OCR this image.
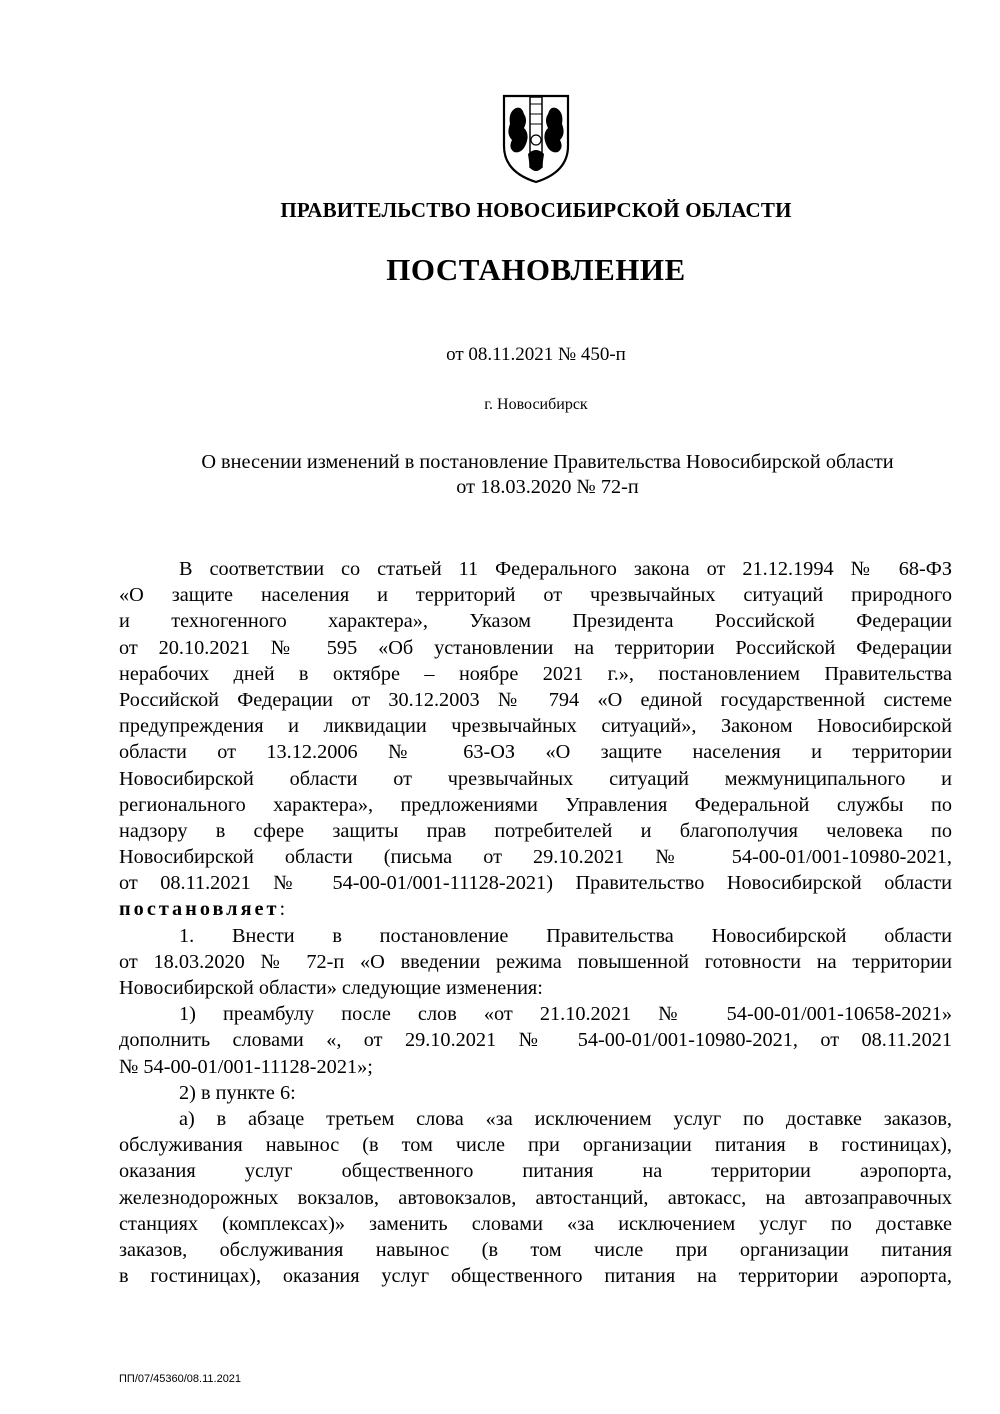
ПРАВИТЕЛЬСТВО НОВОСИБИРСКОЙ ОБЛАСТИ
ПОСТАНОВЛЕНИЕ
от 08.11.2021 № 450-п
г. Новосибирск
О внесении изменений в постановление Правительства Новосибирской области
от 18.03.2020 № 72-п
В соответствии со статьей 11 Федерального закона от 21.12.1994 № 68-ФЗ
«О защите населения и территорий от чрезвычайных ситуаций природного
и техногенного характера», Указом Президента Российской Федерации
от 20.10.2021 № 595 «Об установлении на территории Российской Федерации
нерабочих дней в октябре – ноябре 2021 г.», постановлением Правительства
Российской Федерации от 30.12.2003 № 794 «О единой государственной системе
предупреждения и ликвидации чрезвычайных ситуаций», Законом Новосибирской
области от 13.12.2006 № 63-ОЗ «О защите населения и территории
Новосибирской области от чрезвычайных ситуаций межмуниципального и
регионального характера», предложениями Управления Федеральной службы по
надзору в сфере защиты прав потребителей и благополучия человека по
Новосибирской области (письма от 29.10.2021 № 54-00-01/001-10980-2021,
от 08.11.2021 № 54-00-01/001-11128-2021) Правительство Новосибирской области
постановляет:
1. Внести в постановление Правительства Новосибирской области
от 18.03.2020 № 72-п «О введении режима повышенной готовности на территории
Новосибирской области» следующие изменения:
1) преамбулу после слов «от 21.10.2021 № 54-00-01/001-10658-2021»
дополнить словами «, от 29.10.2021 № 54-00-01/001-10980-2021, от 08.11.2021
№ 54-00-01/001-11128-2021»;
2) в пункте 6:
а) в абзаце третьем слова «за исключением услуг по доставке заказов,
обслуживания навынос (в том числе при организации питания в гостиницах),
оказания услуг общественного питания на территории аэропорта,
железнодорожных вокзалов, автовокзалов, автостанций, автокасс, на автозаправочных
станциях (комплексах)» заменить словами «за исключением услуг по доставке
заказов, обслуживания навынос (в том числе при организации питания
в гостиницах), оказания услуг общественного питания на территории аэропорта,
ПП/07/45360/08.11.2021
